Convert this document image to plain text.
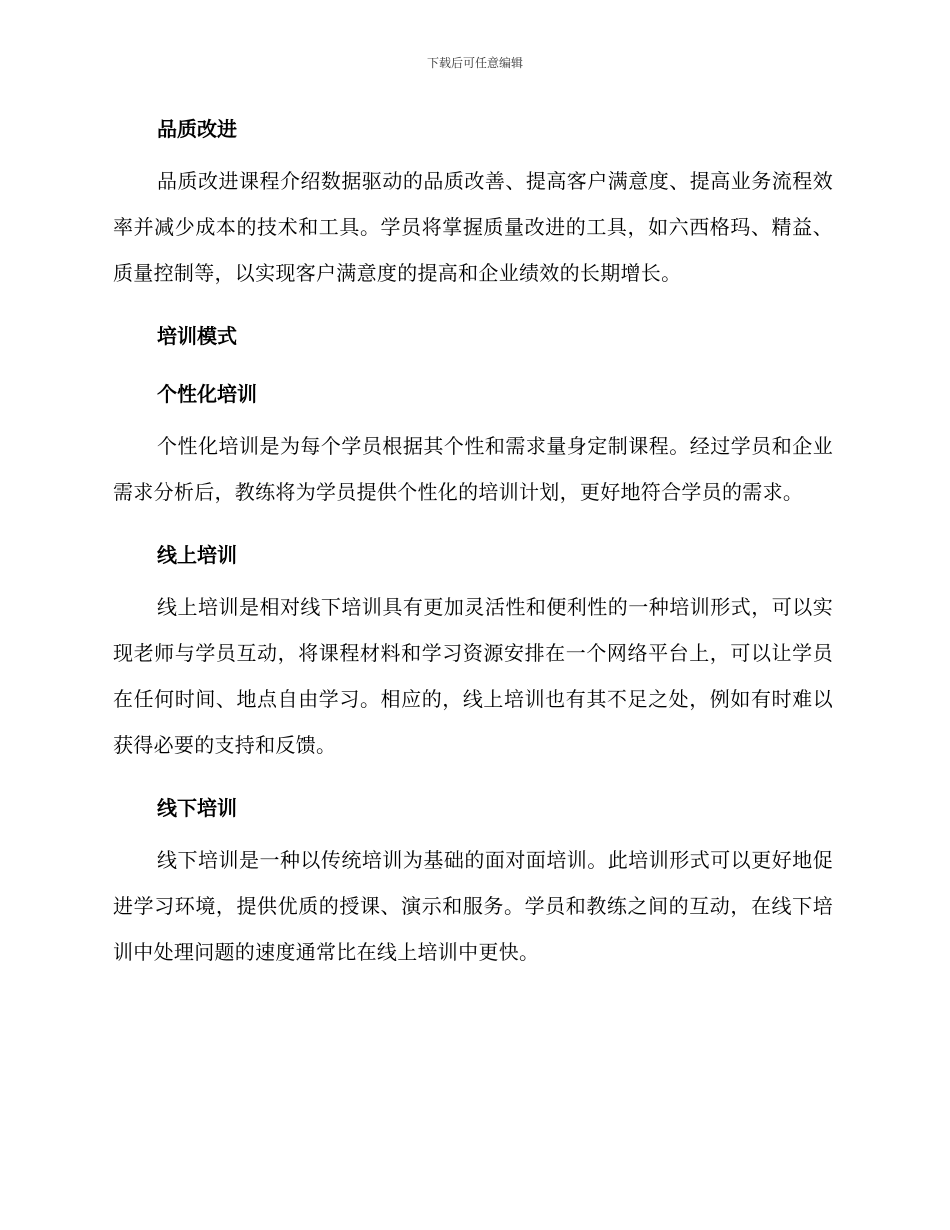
下载后可任意编辑
品质改进

品质改进课程介绍数据驱动的品质改善、提高客户满意度、提高业务流程效率并减少成本的技术和工具。学员将掌握质量改进的工具，如六西格玛、精益、质量控制等，以实现客户满意度的提高和企业绩效的长期增长。

培训模式
个性化培训

个性化培训是为每个学员根据其个性和需求量身定制课程。经过学员和企业需求分析后，教练将为学员提供个性化的培训计划，更好地符合学员的需求。

线上培训

线上培训是相对线下培训具有更加灵活性和便利性的一种培训形式，可以实现老师与学员互动，将课程材料和学习资源安排在一个网络平台上，可以让学员在任何时间、地点自由学习。相应的，线上培训也有其不足之处，例如有时难以获得必要的支持和反馈。

线下培训

线下培训是一种以传统培训为基础的面对面培训。此培训形式可以更好地促进学习环境，提供优质的授课、演示和服务。学员和教练之间的互动，在线下培训中处理问题的速度通常比在线上培训中更快。
